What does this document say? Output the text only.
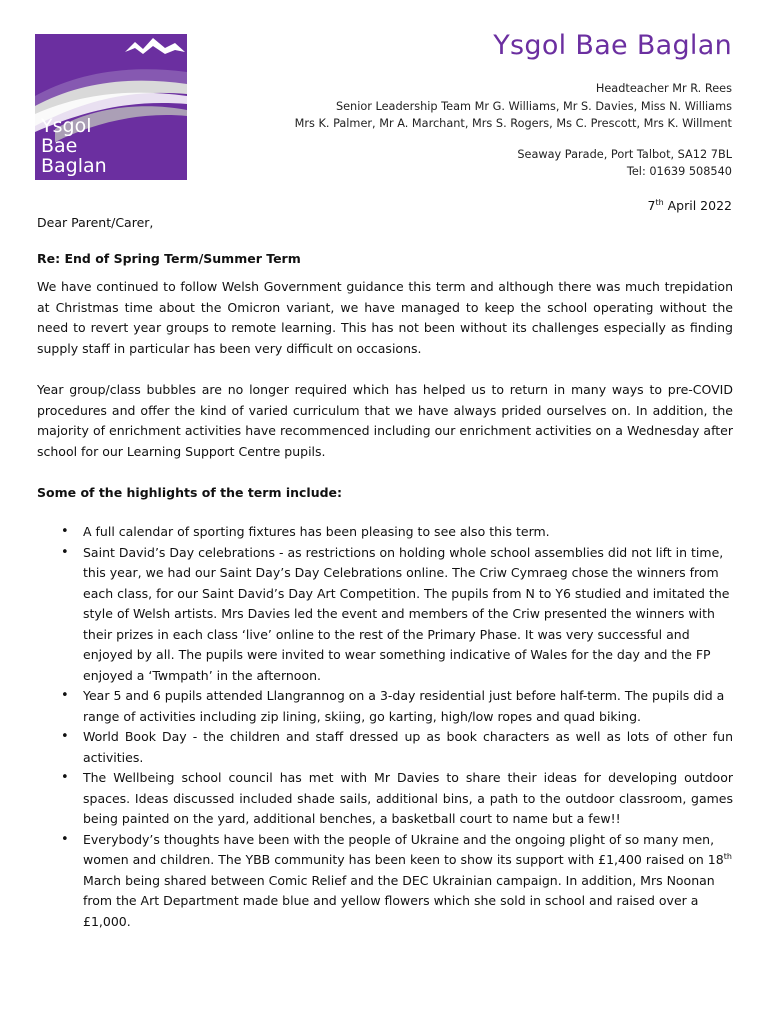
Ysgol
Bae
Baglan
Ysgol Bae Baglan
Headteacher Mr R. Rees
Senior Leadership Team Mr G. Williams, Mr S. Davies, Miss N. Williams
Mrs K. Palmer, Mr A. Marchant, Mrs S. Rogers, Ms C. Prescott, Mrs K. Willment
Seaway Parade, Port Talbot, SA12 7BL
Tel: 01639 508540
7th April 2022
Dear Parent/Carer,
Re: End of Spring Term/Summer Term
We have continued to follow Welsh Government guidance this term and although there was much trepidation at Christmas time about the Omicron variant, we have managed to keep the school operating without the need to revert year groups to remote learning. This has not been without its challenges especially as finding supply staff in particular has been very difficult on occasions.
Year group/class bubbles are no longer required which has helped us to return in many ways to pre-COVID procedures and offer the kind of varied curriculum that we have always prided ourselves on. In addition, the majority of enrichment activities have recommenced including our enrichment activities on a Wednesday after school for our Learning Support Centre pupils.
Some of the highlights of the term include:
• A full calendar of sporting fixtures has been pleasing to see also this term.
• Saint David’s Day celebrations - as restrictions on holding whole school assemblies did not lift in time, this year, we had our Saint Day’s Day Celebrations online. The Criw Cymraeg chose the winners from each class, for our Saint David’s Day Art Competition. The pupils from N to Y6 studied and imitated the style of Welsh artists. Mrs Davies led the event and members of the Criw presented the winners with their prizes in each class ‘live’ online to the rest of the Primary Phase. It was very successful and enjoyed by all. The pupils were invited to wear something indicative of Wales for the day and the FP enjoyed a ‘Twmpath’ in the afternoon.
• Year 5 and 6 pupils attended Llangrannog on a 3-day residential just before half-term. The pupils did a range of activities including zip lining, skiing, go karting, high/low ropes and quad biking.
• World Book Day - the children and staff dressed up as book characters as well as lots of other fun activities.
• The Wellbeing school council has met with Mr Davies to share their ideas for developing outdoor spaces. Ideas discussed included shade sails, additional bins, a path to the outdoor classroom, games being painted on the yard, additional benches, a basketball court to name but a few!!
• Everybody’s thoughts have been with the people of Ukraine and the ongoing plight of so many men, women and children. The YBB community has been keen to show its support with £1,400 raised on 18th March being shared between Comic Relief and the DEC Ukrainian campaign. In addition, Mrs Noonan from the Art Department made blue and yellow flowers which she sold in school and raised over a £1,000.
